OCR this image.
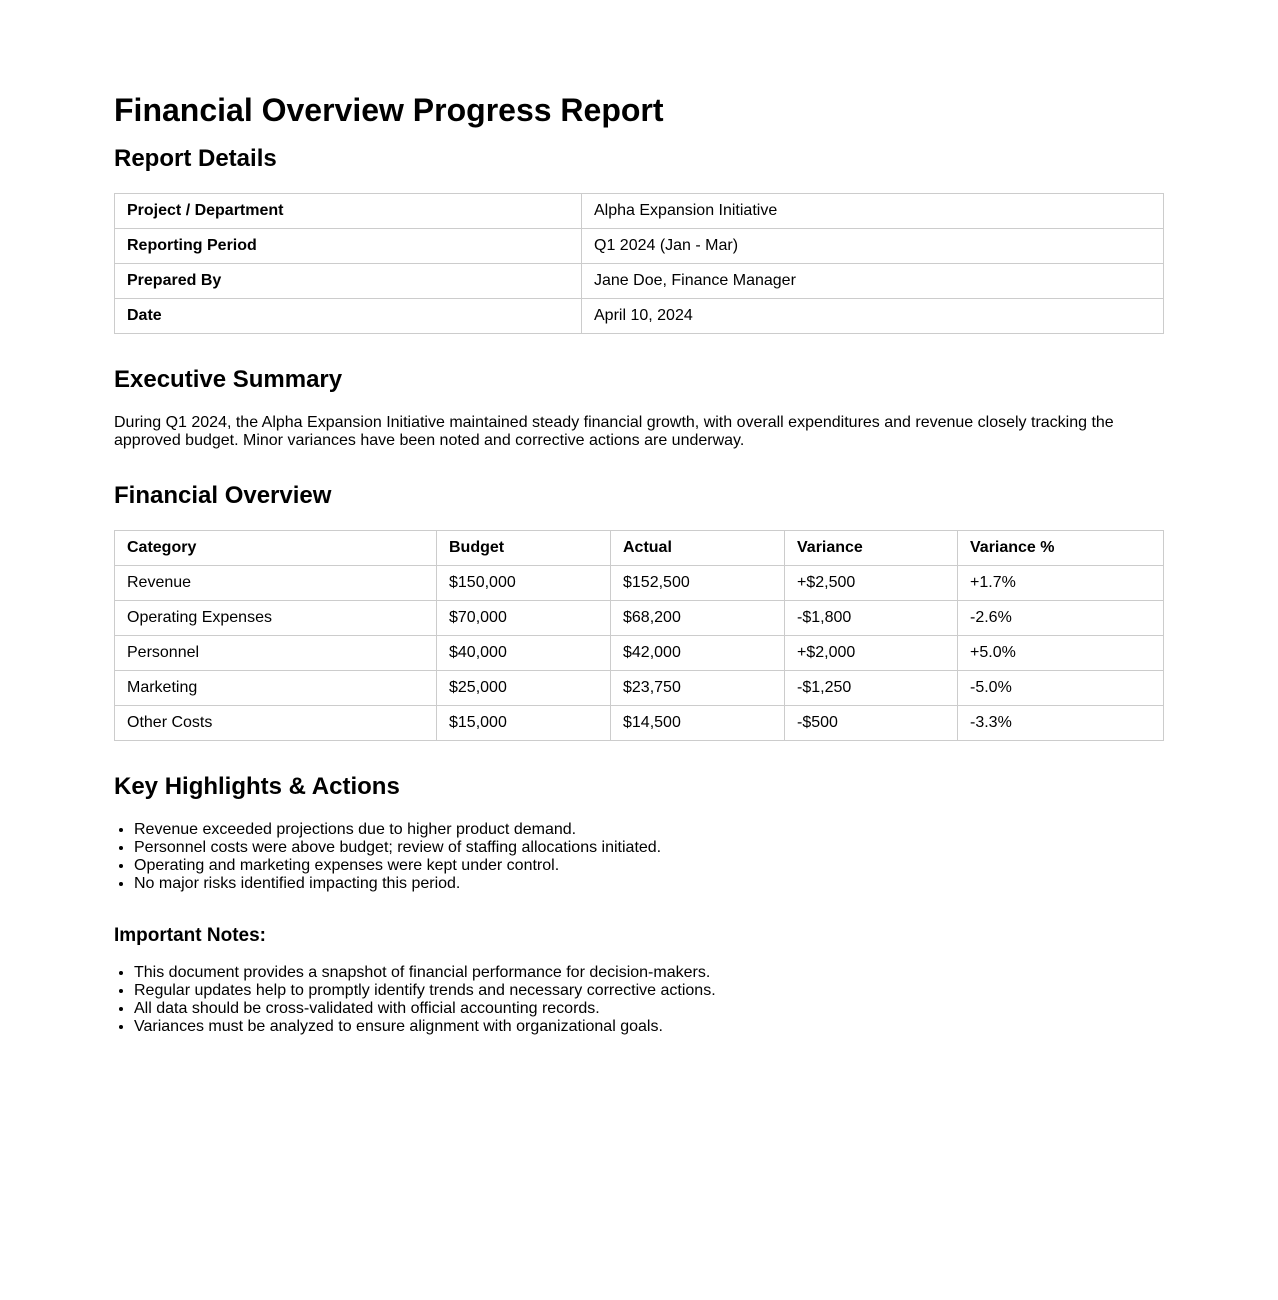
Financial Overview Progress Report
Report Details
Project / Department	Alpha Expansion Initiative
Reporting Period	Q1 2024 (Jan - Mar)
Prepared By	Jane Doe, Finance Manager
Date	April 10, 2024
Executive Summary

During Q1 2024, the Alpha Expansion Initiative maintained steady financial growth, with overall expenditures and revenue closely tracking the approved budget. Minor variances have been noted and corrective actions are underway.

Financial Overview
Category	Budget	Actual	Variance	Variance %
Revenue	$150,000	$152,500	+$2,500	+1.7%
Operating Expenses	$70,000	$68,200	-$1,800	-2.6%
Personnel	$40,000	$42,000	+$2,000	+5.0%
Marketing	$25,000	$23,750	-$1,250	-5.0%
Other Costs	$15,000	$14,500	-$500	-3.3%
Key Highlights & Actions
• Revenue exceeded projections due to higher product demand.
• Personnel costs were above budget; review of staffing allocations initiated.
• Operating and marketing expenses were kept under control.
• No major risks identified impacting this period.
Important Notes:
• This document provides a snapshot of financial performance for decision-makers.
• Regular updates help to promptly identify trends and necessary corrective actions.
• All data should be cross-validated with official accounting records.
• Variances must be analyzed to ensure alignment with organizational goals.
